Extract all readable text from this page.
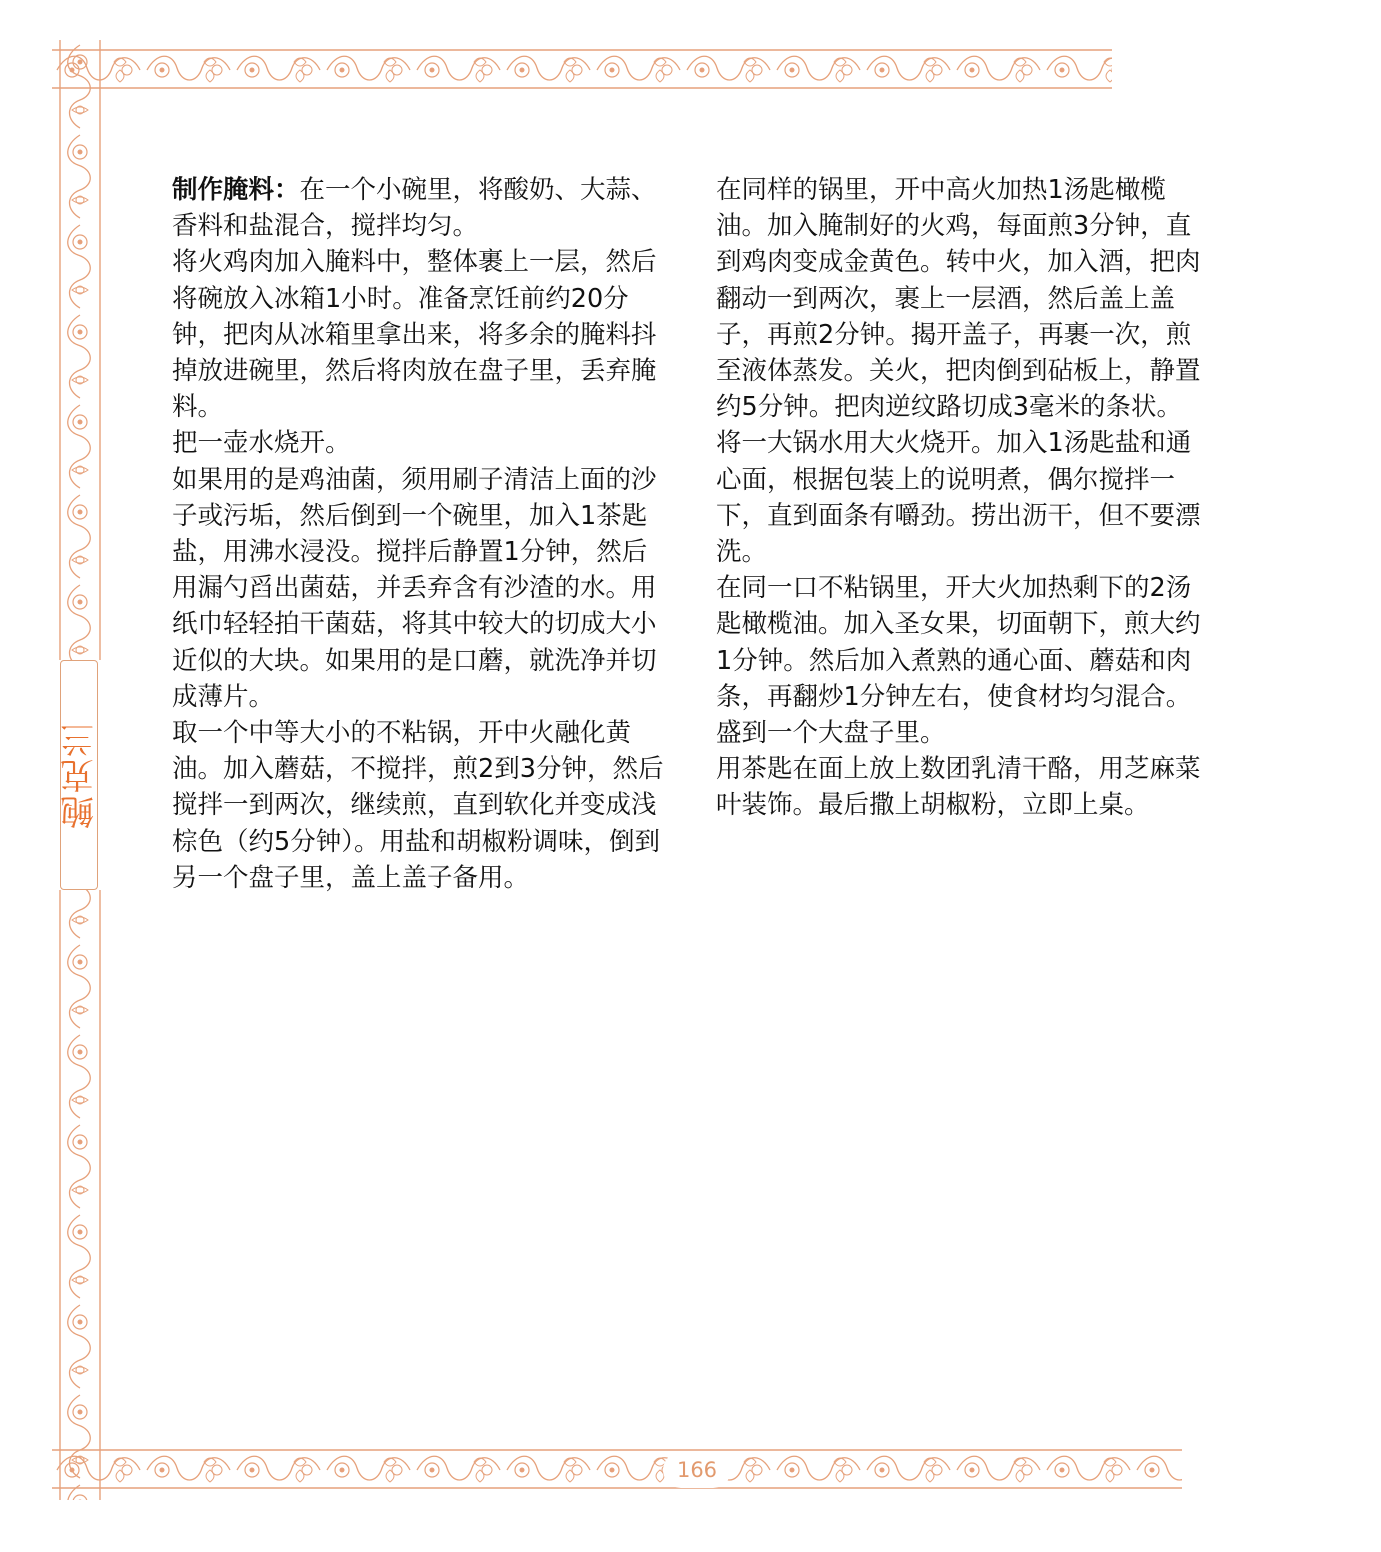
鲍克兰

制作腌料：在一个小碗里，将酸奶、大蒜、香料和盐混合，搅拌均匀。

将火鸡肉加入腌料中，整体裹上一层，然后将碗放入冰箱1小时。准备烹饪前约20分钟，把肉从冰箱里拿出来，将多余的腌料抖掉放进碗里，然后将肉放在盘子里，丢弃腌料。

把一壶水烧开。

如果用的是鸡油菌，须用刷子清洁上面的沙子或污垢，然后倒到一个碗里，加入1茶匙盐，用沸水浸没。搅拌后静置1分钟，然后用漏勺舀出菌菇，并丢弃含有沙渣的水。用纸巾轻轻拍干菌菇，将其中较大的切成大小近似的大块。如果用的是口蘑，就洗净并切成薄片。

取一个中等大小的不粘锅，开中火融化黄油。加入蘑菇，不搅拌，煎2到3分钟，然后搅拌一到两次，继续煎，直到软化并变成浅棕色（约5分钟）。用盐和胡椒粉调味，倒到另一个盘子里，盖上盖子备用。

在同样的锅里，开中高火加热1汤匙橄榄油。加入腌制好的火鸡，每面煎3分钟，直到鸡肉变成金黄色。转中火，加入酒，把肉翻动一到两次，裹上一层酒，然后盖上盖子，再煎2分钟。揭开盖子，再裹一次，煎至液体蒸发。关火，把肉倒到砧板上，静置约5分钟。把肉逆纹路切成3毫米的条状。

将一大锅水用大火烧开。加入1汤匙盐和通心面，根据包装上的说明煮，偶尔搅拌一下，直到面条有嚼劲。捞出沥干，但不要漂洗。

在同一口不粘锅里，开大火加热剩下的2汤匙橄榄油。加入圣女果，切面朝下，煎大约1分钟。然后加入煮熟的通心面、蘑菇和肉条，再翻炒1分钟左右，使食材均匀混合。盛到一个大盘子里。

用茶匙在面上放上数团乳清干酪，用芝麻菜叶装饰。最后撒上胡椒粉，立即上桌。

166
